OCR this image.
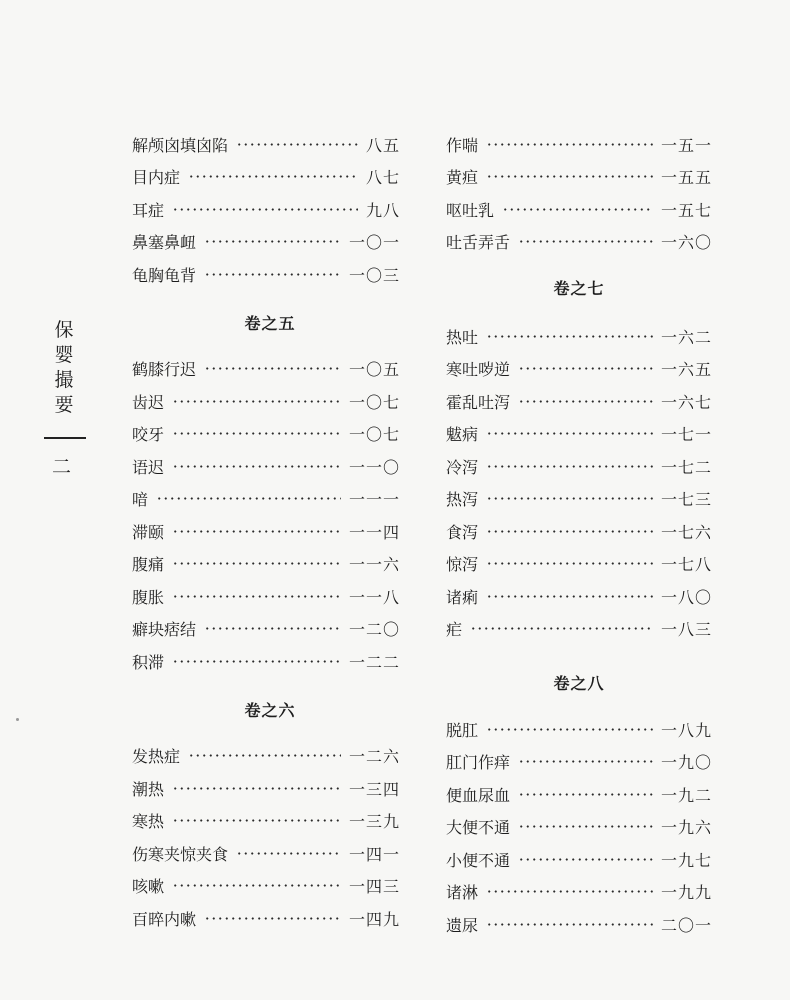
保
婴
撮
要
二
解颅囟填囟陷	八五
目内症	八七
耳症	九八
鼻塞鼻衄	一〇一
龟胸龟背	一〇三
卷之五
鹤膝行迟	一〇五
齿迟	一〇七
咬牙	一〇七
语迟	一一〇
喑	一一一
滞颐	一一四
腹痛	一一六
腹胀	一一八
癖块痞结	一二〇
积滞	一二二
卷之六
发热症	一二六
潮热	一三四
寒热	一三九
伤寒夹惊夹食	一四一
咳嗽	一四三
百晬内嗽	一四九
作喘	一五一
黄疸	一五五
呕吐乳	一五七
吐舌弄舌	一六〇
卷之七
热吐	一六二
寒吐哕逆	一六五
霍乱吐泻	一六七
魃病	一七一
冷泻	一七二
热泻	一七三
食泻	一七六
惊泻	一七八
诸痢	一八〇
疟	一八三
卷之八
脱肛	一八九
肛门作痒	一九〇
便血尿血	一九二
大便不通	一九六
小便不通	一九七
诸淋	一九九
遗尿	二〇一
